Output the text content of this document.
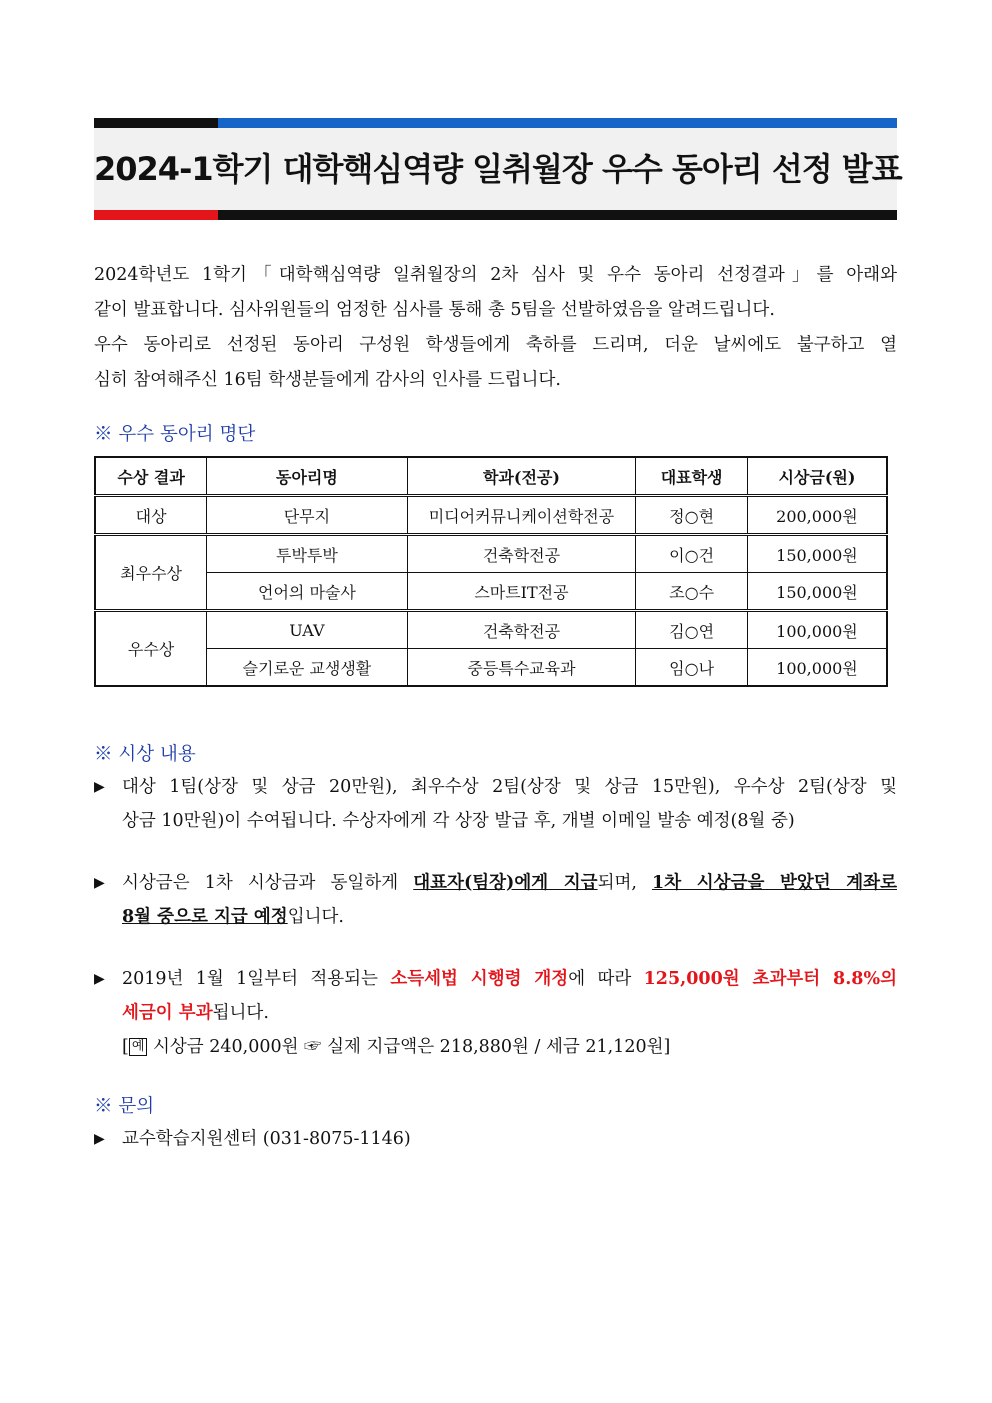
2024-1학기 대학핵심역량 일취월장 우수 동아리 선정 발표
2024학년도 1학기「대학핵심역량 일취월장의 2차 심사 및 우수 동아리 선정결과」를 아래와
같이 발표합니다. 심사위원들의 엄정한 심사를 통해 총 5팀을 선발하였음을 알려드립니다.
우수 동아리로 선정된 동아리 구성원 학생들에게 축하를 드리며, 더운 날씨에도 불구하고 열
심히 참여해주신 16팀 학생분들에게 감사의 인사를 드립니다.
※ 우수 동아리 명단
수상 결과	동아리명	학과(전공)	대표학생	시상금(원)
대상	단무지	미디어커뮤니케이션학전공	정○현	200,000원
최우수상	투박투박	건축학전공	이○건	150,000원
	언어의 마술사	스마트IT전공	조○수	150,000원
우수상	UAV	건축학전공	김○연	100,000원
	슬기로운 교생생활	중등특수교육과	임○나	100,000원
※ 시상 내용
▶ 대상 1팀(상장 및 상금 20만원), 최우수상 2팀(상장 및 상금 15만원), 우수상 2팀(상장 및
상금 10만원)이 수여됩니다. 수상자에게 각 상장 발급 후, 개별 이메일 발송 예정(8월 중)
▶ 시상금은 1차 시상금과 동일하게 대표자(팀장)에게 지급되며, 1차 시상금을 받았던 계좌로
8월 중으로 지급 예정입니다.
▶ 2019년 1월 1일부터 적용되는 소득세법 시행령 개정에 따라 125,000원 초과부터 8.8%의
세금이 부과됩니다.
[ 예 시상금 240,000원 ☞ 실제 지급액은 218,880원 / 세금 21,120원]
※ 문의
▶ 교수학습지원센터 (031-8075-1146)
